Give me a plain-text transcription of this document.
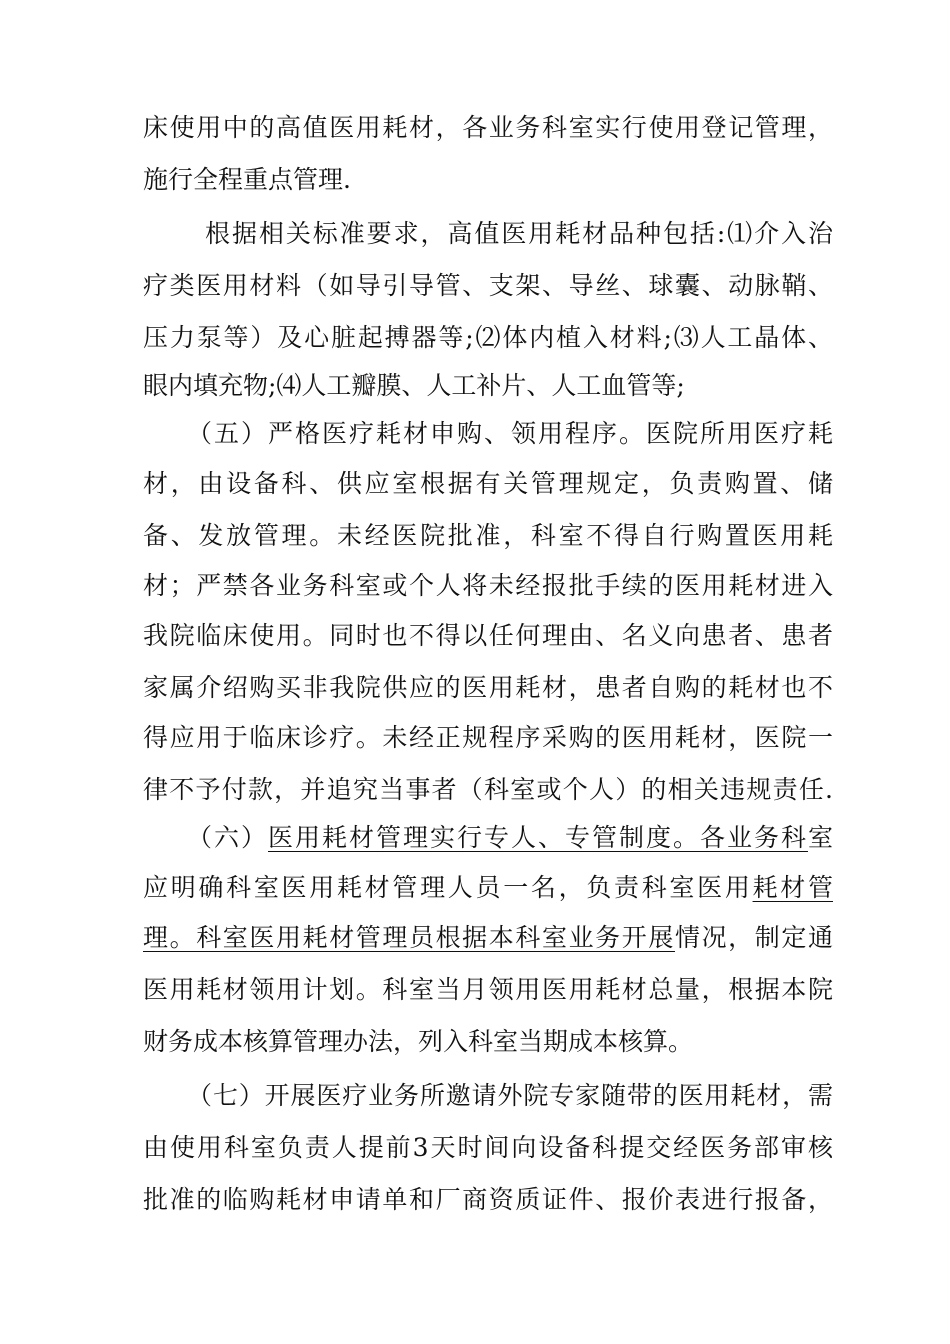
床使用中的高值医用耗材，各业务科室实行使用登记管理，
施行全程重点管理.
根据相关标准要求，高值医用耗材品种包括:⑴介入治
疗类医用材料（如导引导管、支架、导丝、球囊、动脉鞘、
压力泵等）及心脏起搏器等;⑵体内植入材料;⑶人工晶体、
眼内填充物;⑷人工瓣膜、人工补片、人工血管等;
（五）严格医疗耗材申购、领用程序。医院所用医疗耗
材，由设备科、供应室根据有关管理规定，负责购置、储
备、发放管理。未经医院批准，科室不得自行购置医用耗
材；严禁各业务科室或个人将未经报批手续的医用耗材进入
我院临床使用。同时也不得以任何理由、名义向患者、患者
家属介绍购买非我院供应的医用耗材，患者自购的耗材也不
得应用于临床诊疗。未经正规程序采购的医用耗材，医院一
律不予付款，并追究当事者（科室或个人）的相关违规责任.
（六）医用耗材管理实行专人、专管制度。各业务科室
应明确科室医用耗材管理人员一名，负责科室医用耗材管
理。科室医用耗材管理员根据本科室业务开展情况，制定通
医用耗材领用计划。科室当月领用医用耗材总量，根据本院
财务成本核算管理办法，列入科室当期成本核算。
（七）开展医疗业务所邀请外院专家随带的医用耗材，需
由使用科室负责人提前3天时间向设备科提交经医务部审核
批准的临购耗材申请单和厂商资质证件、报价表进行报备，
